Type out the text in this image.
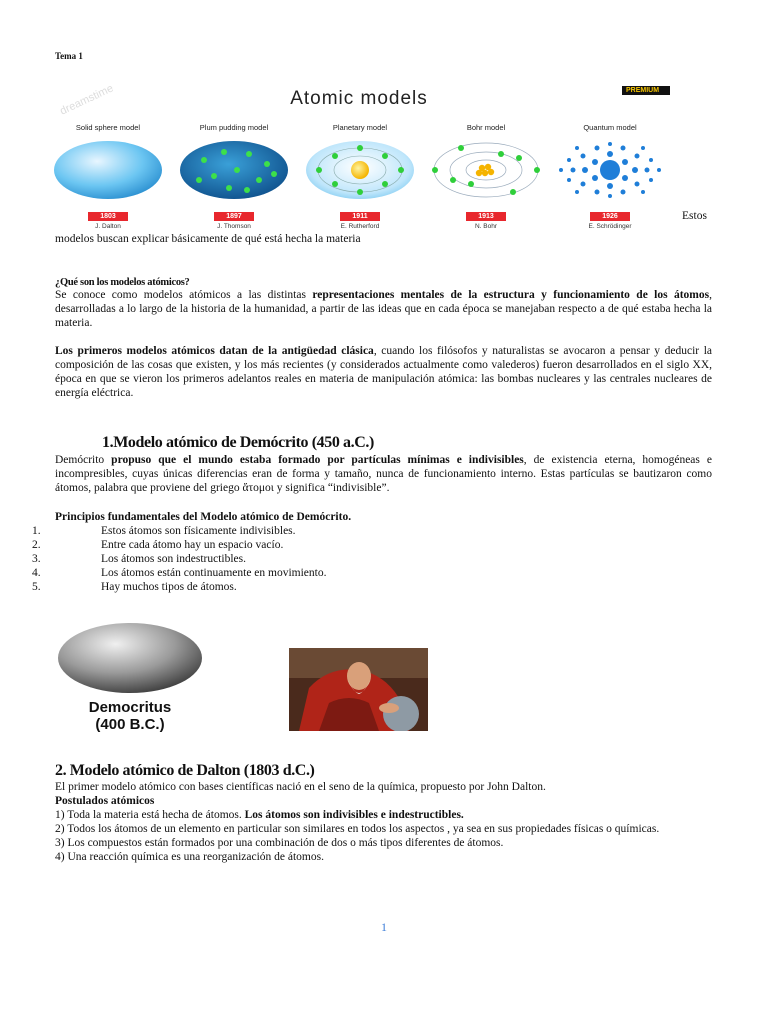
Tema 1
dreamstime	Atomic models	PREMIUM
Solid sphere model
1803
J. Dalton
Plum pudding model
1897
J. Thomson
Planetary model
1911
E. Rutherford
Bohr model
1913
N. Bohr
Quantum model
1926
E. Schrödinger
Estos
modelos buscan explicar básicamente de qué está hecha la materia
¿Qué son los modelos atómicos?

Se conoce como modelos atómicos a las distintas representaciones mentales de la estructura y funcionamiento de los átomos, desarrolladas a lo largo de la historia de la humanidad, a partir de las ideas que en cada época se manejaban respecto a de qué estaba hecha la materia.

Los primeros modelos atómicos datan de la antigüedad clásica, cuando los filósofos y naturalistas se avocaron a pensar y deducir la composición de las cosas que existen, y los más recientes (y considerados actualmente como valederos) fueron desarrollados en el siglo XX, época en que se vieron los primeros adelantos reales en materia de manipulación atómica: las bombas nucleares y las centrales nucleares de energía eléctrica.

1.Modelo atómico de Demócrito (450 a.C.)

Demócrito propuso que el mundo estaba formado por partículas mínimas e indivisibles, de existencia eterna, homogéneas e incompresibles, cuyas únicas diferencias eran de forma y tamaño, nunca de funcionamiento interno. Estas partículas se bautizaron como átomos, palabra que proviene del griego ἄτομοι y significa “indivisible”.

Principios fundamentales del Modelo atómico de Demócrito.
1.	Estos átomos son físicamente indivisibles.
2.	Entre cada átomo hay un espacio vacío.
3.	Los átomos son indestructibles.
4.	Los átomos están continuamente en movimiento.
5.	Hay muchos tipos de átomos.
Democritus
(400 B.C.)
2. Modelo atómico de Dalton (1803 d.C.)
El primer modelo atómico con bases científicas nació en el seno de la química, propuesto por John Dalton.
Postulados atómicos
1) Toda la materia está hecha de átomos. Los átomos son indivisibles e indestructibles.
2) Todos los átomos de un elemento en particular son similares en todos los aspectos , ya sea en sus propiedades físicas o químicas.
3) Los compuestos están formados por una combinación de dos o más tipos diferentes de átomos.
4) Una reacción química es una reorganización de átomos.
1
